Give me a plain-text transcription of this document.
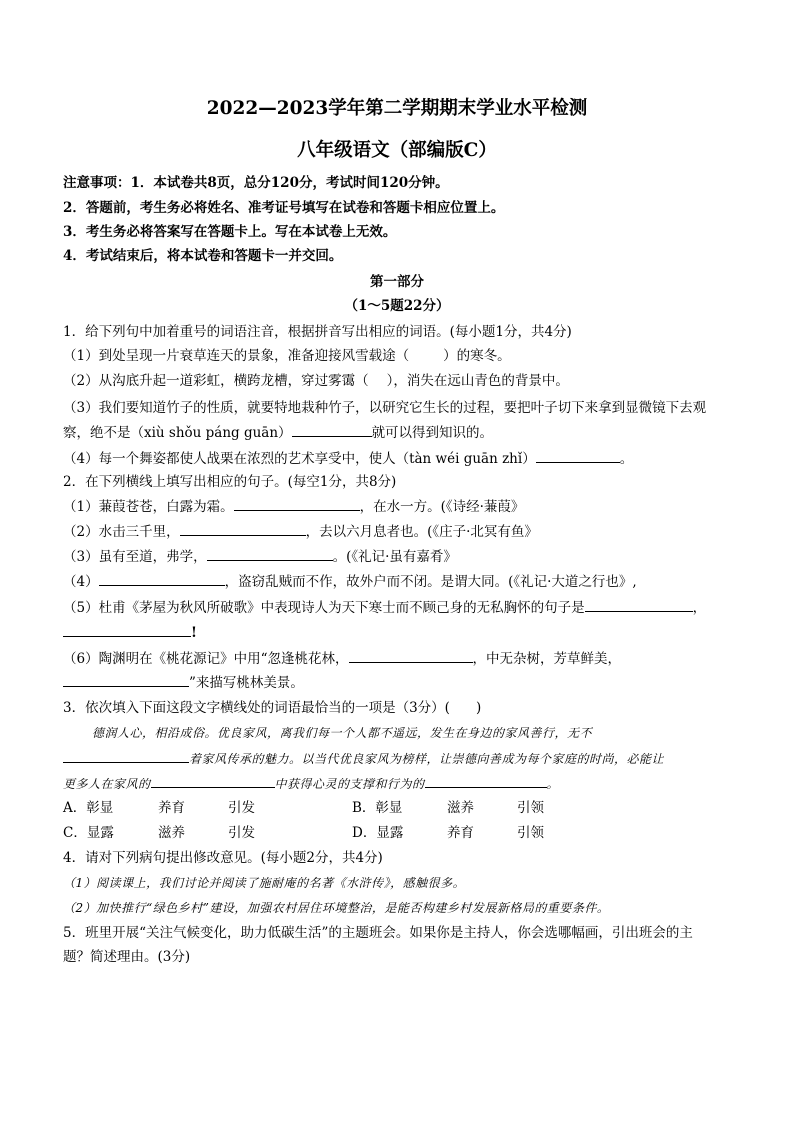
2022—2023学年第二学期期末学业水平检测
八年级语文（部编版C）
注意事项：1．本试卷共8页，总分120分，考试时间120分钟。
2．答题前，考生务必将姓名、准考证号填写在试卷和答题卡相应位置上。
3．考生务必将答案写在答题卡上。写在本试卷上无效。
4．考试结束后，将本试卷和答题卡一并交回。
第一部分
（1～5题22分）
1．给下列句中加着重号的词语注音，根据拼音写出相应的词语。(每小题1分，共4分)
（1）到处呈现一片衰草连天的景象，准备迎接风雪载途（	）的寒冬。
（2）从沟底升起一道彩虹，横跨龙槽，穿过雾霭（ ），消失在远山青色的背景中。
（3）我们要知道竹子的性质，就要特地栽种竹子，以研究它生长的过程，要把叶子切下来拿到显微镜下去观
察，绝不是（xiù shǒu páng guān）	就可以得到知识的。
（4）每一个舞姿都使人战栗在浓烈的艺术享受中，使人（tàn wéi guān zhǐ）	。
2．在下列横线上填写出相应的句子。(每空1分，共8分)
（1）蒹葭苍苍，白露为霜。	，在水一方。(《诗经·蒹葭》
（2）水击三千里，	，去以六月息者也。(《庄子·北冥有鱼》
（3）虽有至道，弗学，	。(《礼记·虽有嘉肴》
（4）	，盗窃乱贼而不作，故外户而不闭。是谓大同。(《礼记·大道之行也》,
（5）杜甫《茅屋为秋风所破歌》中表现诗人为天下寒士而不顾己身的无私胸怀的句子是	，
!
（6）陶渊明在《桃花源记》中用“忽逢桃花林，	，中无杂树，芳草鲜美，
”来描写桃林美景。
3．依次填入下面这段文字横线处的词语最恰当的一项是（3分）( )
德润人心，相沿成俗。优良家风，离我们每一个人都不遥远，发生在身边的家风善行，无不
着家风传承的魅力。以当代优良家风为榜样，让崇德向善成为每个家庭的时尚，必能让
更多人在家风的	中获得心灵的支撑和行为的	。
A．彰显	养育	引发	B．彰显	滋养	引领
C．显露	滋养	引发	D．显露	养育	引领
4．请对下列病句提出修改意见。(每小题2分，共4分)
（1）阅读课上，我们讨论并阅读了施耐庵的名著《水浒传》，感触很多。
（2）加快推行“绿色乡村”建设，加强农村居住环境整治，是能否构建乡村发展新格局的重要条件。
5．班里开展“关注气候变化，助力低碳生活”的主题班会。如果你是主持人，你会选哪幅画，引出班会的主
题？简述理由。(3分)
